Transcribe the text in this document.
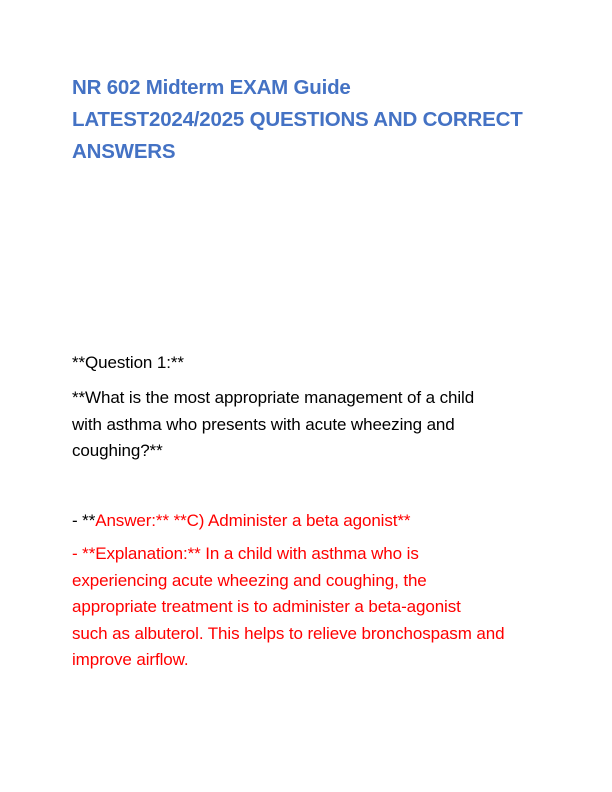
NR 602 Midterm EXAM Guide
LATEST2024/2025 QUESTIONS AND CORRECT
ANSWERS
**Question 1:**
**What is the most appropriate management of a child
with asthma who presents with acute wheezing and
coughing?**
- **Answer:** **C) Administer a beta agonist**
- **Explanation:** In a child with asthma who is
experiencing acute wheezing and coughing, the
appropriate treatment is to administer a beta-agonist
such as albuterol. This helps to relieve bronchospasm and
improve airflow.
